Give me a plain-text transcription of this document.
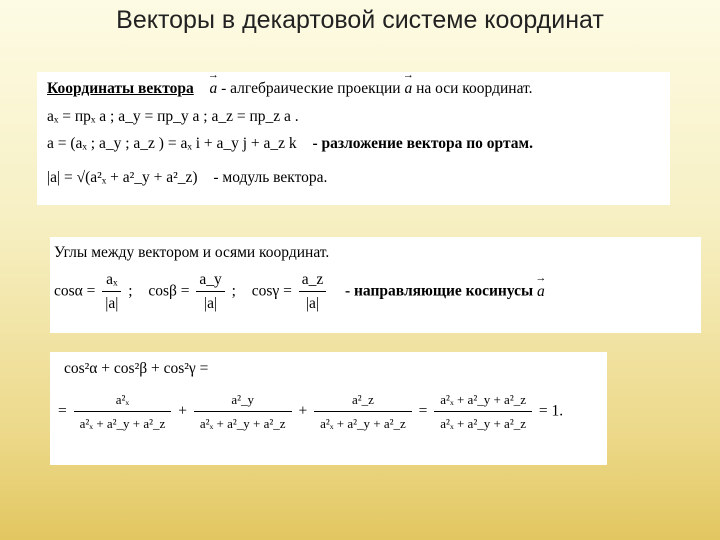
Векторы в декартовой системе координат
Координаты вектора → a - алгебраические проекции → a на оси координат.
aₓ = прₓ a ; a_y = пр_y a ; a_z = пр_z a .
a = (aₓ ; a_y ; a_z ) = aₓ i + a_y j + a_z k - разложение вектора по ортам.
|a| = √(a²ₓ + a²_y + a²_z) - модуль вектора.
Углы между вектором и осями координат.
$\cos\alpha = \frac{\text{aₓ}}{|a|}$ ; $\cos\beta = \frac{a\_y}{|a|}$ ; $\cos\gamma = \frac{a\_z}{|a|}$ - направляющие косинусы → a
cos²α + cos²β + cos²γ =
= $\frac{\text{a²ₓ}}{\text{a²ₓ + a²\_y + a²\_z}} + \frac{\text{a²\_y}}{\text{a²ₓ + a²\_y + a²\_z}} + \frac{\text{a²\_z}}{\text{a²ₓ + a²\_y + a²\_z}} = \frac{\text{a²ₓ + a²\_y + a²\_z}}{\text{a²ₓ + a²\_y + a²\_z}} = 1$.
